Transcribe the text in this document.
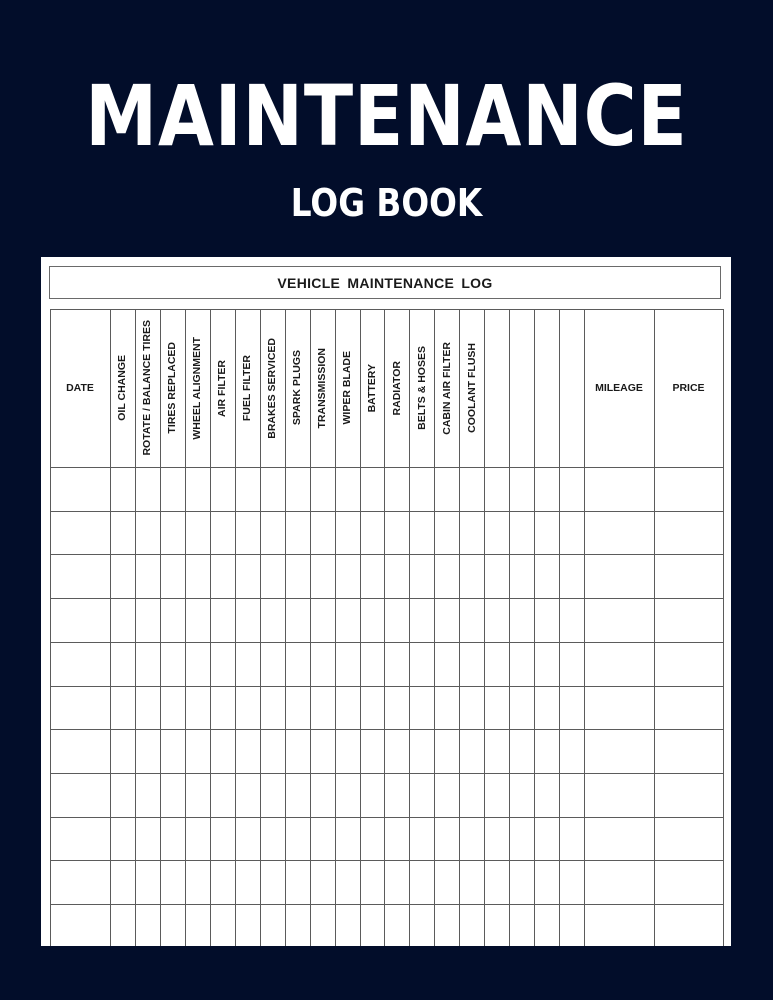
MAINTENANCE
LOG BOOK
VEHICLE MAINTENANCE LOG
DATE	MILEAGE	PRICE
OIL CHANGE ROTATE / BALANCE TIRES TIRES REPLACED WHEEL ALIGNMENT AIR FILTER FUEL FILTER BRAKES SERVICED SPARK PLUGS TRANSMISSION WIPER BLADE BATTERY RADIATOR BELTS & HOSES CABIN AIR FILTER COOLANT FLUSH
